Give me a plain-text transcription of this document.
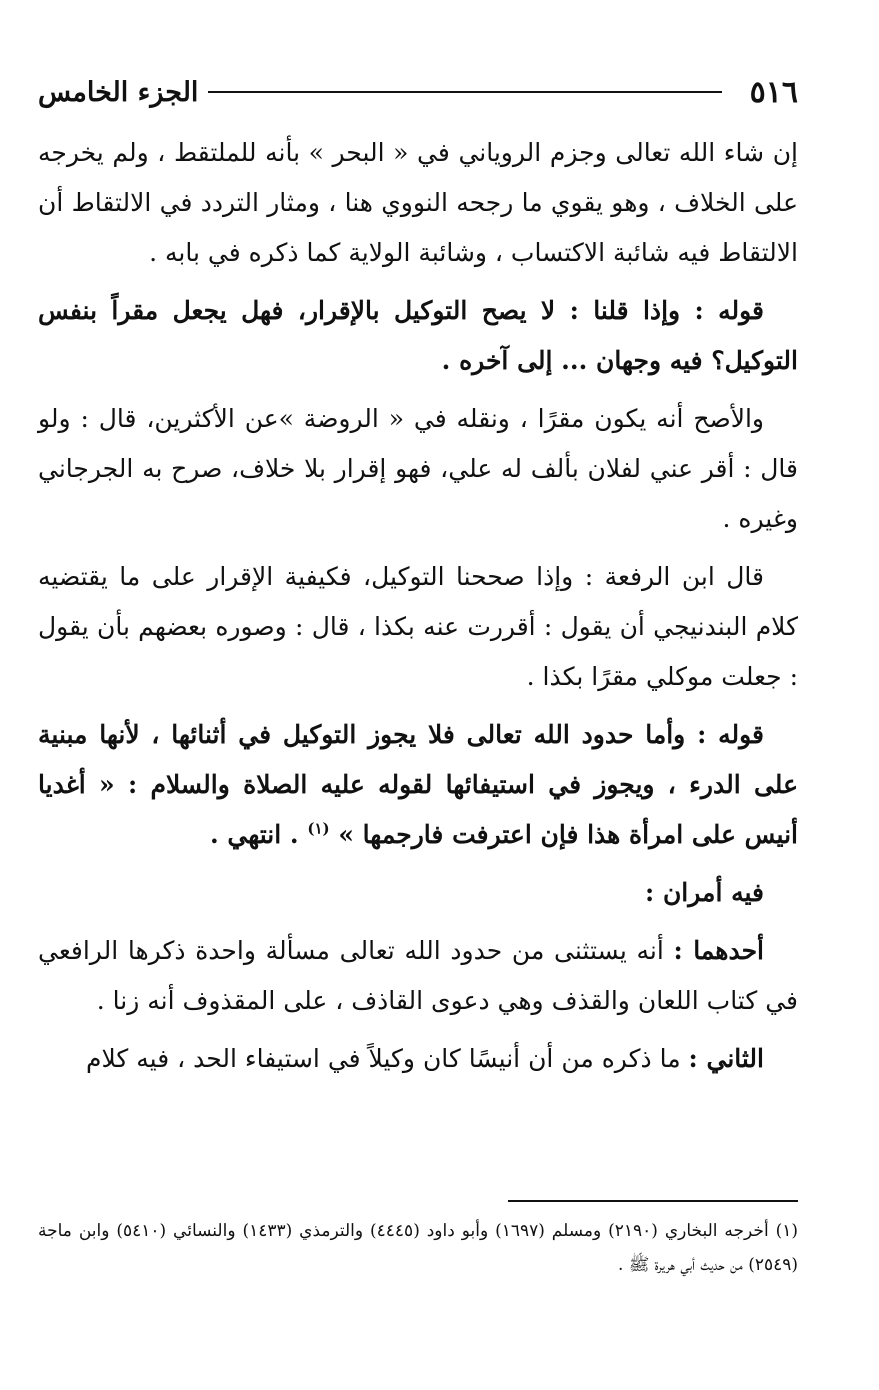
٥١٦
الجزء الخامس

إن شاء الله تعالى وجزم الروياني في « البحر » بأنه للملتقط ، ولم يخرجه على الخلاف ، وهو يقوي ما رجحه النووي هنا ، ومثار التردد في الالتقاط أن الالتقاط فيه شائبة الاكتساب ، وشائبة الولاية كما ذكره في بابه .

قوله : وإذا قلنا : لا يصح التوكيل بالإقرار، فهل يجعل مقراً بنفس التوكيل؟ فيه وجهان ... إلى آخره .

والأصح أنه يكون مقرًا ، ونقله في « الروضة »عن الأكثرين، قال : ولو قال : أقر عني لفلان بألف له علي، فهو إقرار بلا خلاف، صرح به الجرجاني وغيره .

قال ابن الرفعة : وإذا صححنا التوكيل، فكيفية الإقرار على ما يقتضيه كلام البندنيجي أن يقول : أقررت عنه بكذا ، قال : وصوره بعضهم بأن يقول : جعلت موكلي مقرًا بكذا .

قوله : وأما حدود الله تعالى فلا يجوز التوكيل في أثنائها ، لأنها مبنية على الدرء ، ويجوز في استيفائها لقوله عليه الصلاة والسلام : « أغديا أنيس على امرأة هذا فإن اعترفت فارجمها » $^{(١)}$ . انتهي .

فيه أمران :

أحدهما : أنه يستثنى من حدود الله تعالى مسألة واحدة ذكرها الرافعي في كتاب اللعان والقذف وهي دعوى القاذف ، على المقذوف أنه زنا .

الثاني : ما ذكره من أن أنيسًا كان وكيلاً في استيفاء الحد ، فيه كلام

(١) أخرجه البخاري (٢١٩٠) ومسلم (١٦٩٧) وأبو داود (٤٤٤٥) والترمذي (١٤٣٣) والنسائي (٥٤١٠) وابن ماجة (٢٥٤٩) من حديث أبي هريرة ﷺ .
